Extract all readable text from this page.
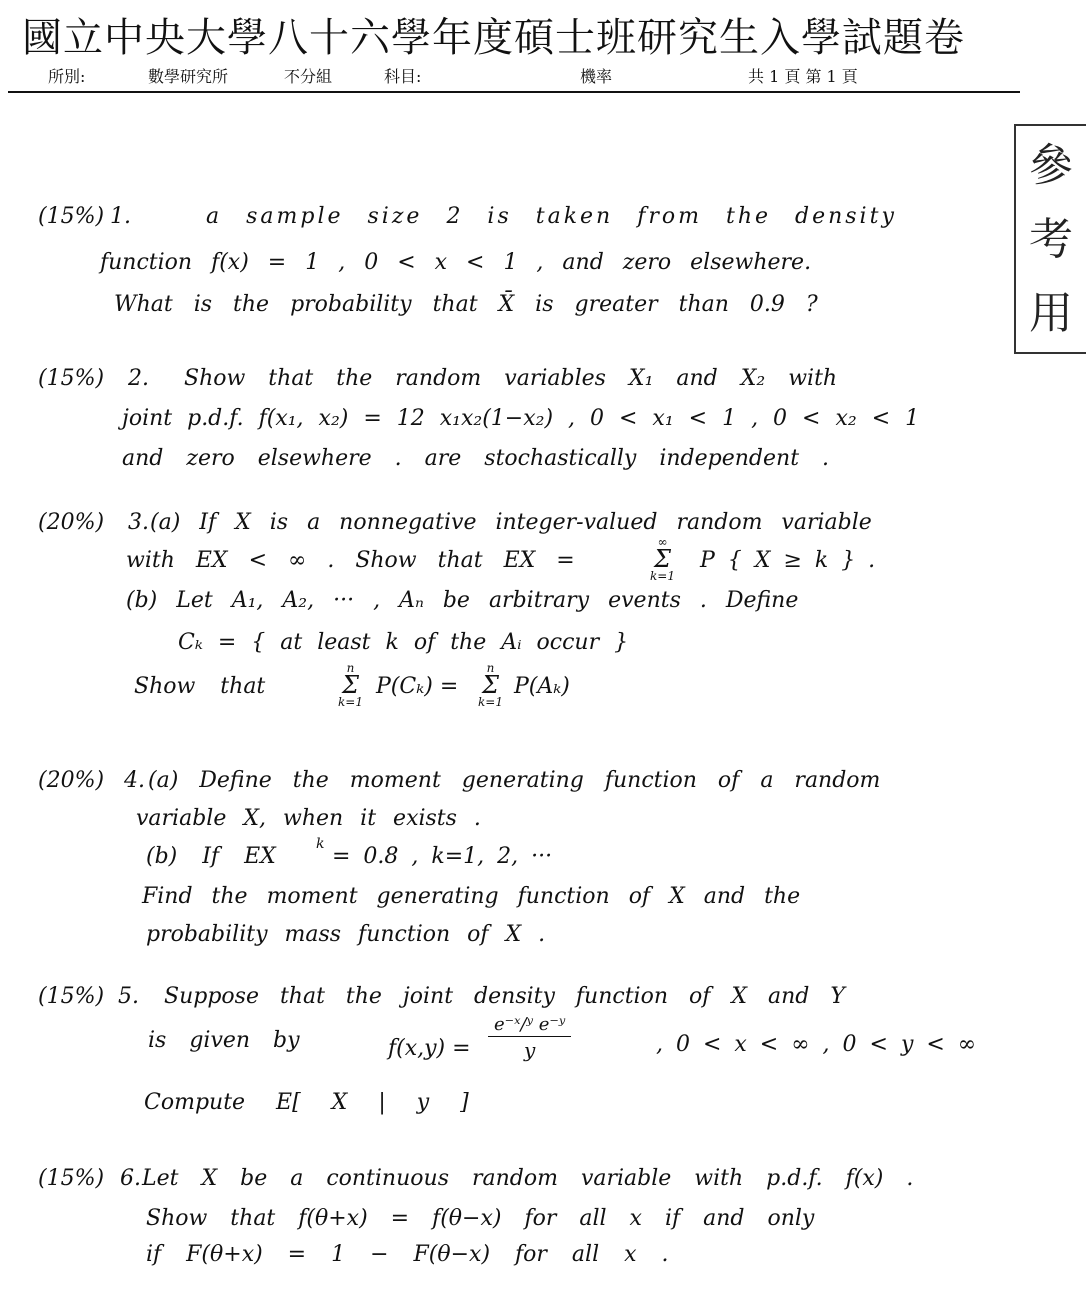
國立中央大學八十六學年度碩士班研究生入學試題卷
所別:	數學研究所	不分組	科目:	機率	共 1 頁 第 1 頁
參
考
用
(15%) 1.	a sample size 2 is taken from the density
function f(x) = 1 , 0 < x < 1 , and zero elsewhere.
What is the probability that X̄ is greater than 0.9 ?
(15%) 2. Show that the random variables X₁ and X₂ with
joint p.d.f. f(x₁, x₂) = 12 x₁x₂(1−x₂) , 0 < x₁ < 1 , 0 < x₂ < 1
and zero elsewhere . are stochastically independent .
(20%) 3. (a) If X is a nonnegative integer-valued random variable
with EX < ∞ . Show that EX =
∞
Σ
k=1
P { X ≥ k } .
(b) Let A₁, A₂, ··· , Aₙ be arbitrary events . Define
Cₖ = { at least k of the Aᵢ occur }
Show that
n
Σ
k=1
P(Cₖ) =
n
Σ
k=1
P(Aₖ)
(20%) 4. (a) Define the moment generating function of a random
variable X, when it exists .
(b) If EX	k = 0.8 , k=1, 2, ···
Find the moment generating function of X and the
probability mass function of X .
(15%) 5. Suppose that the joint density function of X and Y
is given by	$f(x,y) = \frac{\text{e⁻ˣ/ʸ e⁻ʸ}}{y}$	, 0 < x < ∞ , 0 < y < ∞
Compute E[ X | y ]
(15%) 6. Let X be a continuous random variable with p.d.f. f(x) .
Show that f(θ+x) = f(θ−x) for all x if and only
if F(θ+x) = 1 − F(θ−x) for all x .
